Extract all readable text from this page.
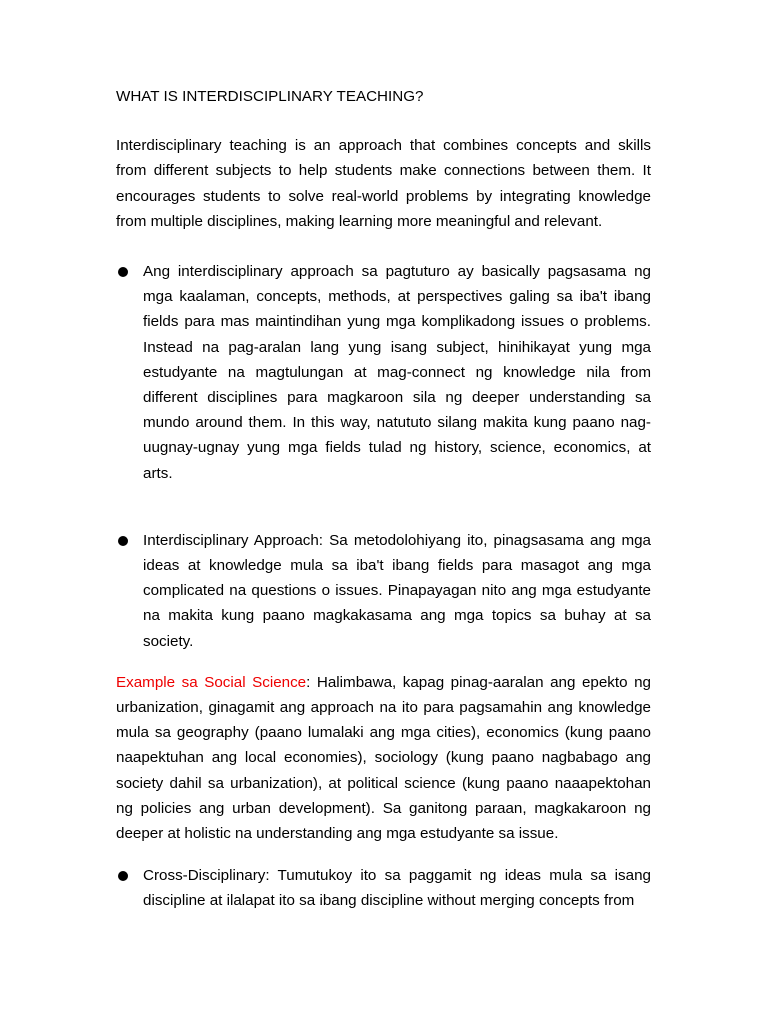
WHAT IS INTERDISCIPLINARY TEACHING?

Interdisciplinary teaching is an approach that combines concepts and skills from different subjects to help students make connections between them. It encourages students to solve real-world problems by integrating knowledge from multiple disciplines, making learning more meaningful and relevant.

Ang interdisciplinary approach sa pagtuturo ay basically pagsasama ng mga kaalaman, concepts, methods, at perspectives galing sa iba't ibang fields para mas maintindihan yung mga komplikadong issues o problems. Instead na pag-aralan lang yung isang subject, hinihikayat yung mga estudyante na magtulungan at mag-connect ng knowledge nila from different disciplines para magkaroon sila ng deeper understanding sa mundo around them. In this way, natututo silang makita kung paano nag-uugnay-ugnay yung mga fields tulad ng history, science, economics, at arts.
Interdisciplinary Approach: Sa metodolohiyang ito, pinagsasama ang mga ideas at knowledge mula sa iba't ibang fields para masagot ang mga complicated na questions o issues. Pinapayagan nito ang mga estudyante na makita kung paano magkakasama ang mga topics sa buhay at sa society.

Example sa Social Science: Halimbawa, kapag pinag-aaralan ang epekto ng urbanization, ginagamit ang approach na ito para pagsamahin ang knowledge mula sa geography (paano lumalaki ang mga cities), economics (kung paano naapektuhan ang local economies), sociology (kung paano nagbabago ang society dahil sa urbanization), at political science (kung paano naaapektohan ng policies ang urban development). Sa ganitong paraan, magkakaroon ng deeper at holistic na understanding ang mga estudyante sa issue.

Cross-Disciplinary: Tumutukoy ito sa paggamit ng ideas mula sa isang discipline at ilalapat ito sa ibang discipline without merging concepts from
